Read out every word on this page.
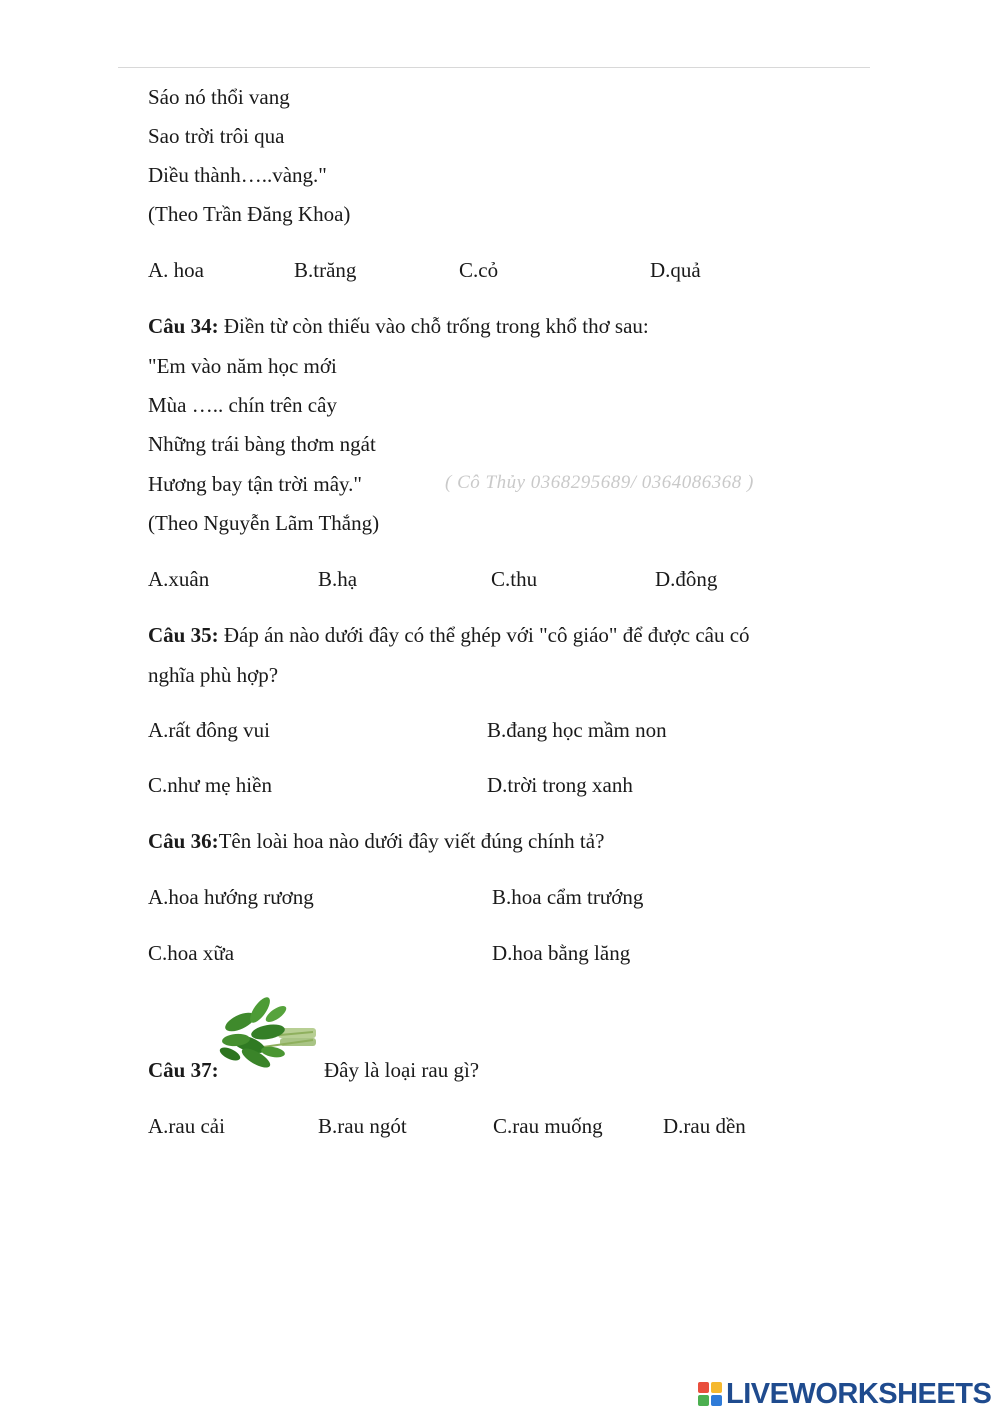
Sáo nó thổi vang
Sao trời trôi qua
Diều thành…..vàng."
(Theo Trần Đăng Khoa)
A. hoa	B.trăng	C.cỏ	D.quả
Câu 34: Điền từ còn thiếu vào chỗ trống trong khổ thơ sau:
"Em vào năm học mới
Mùa ….. chín trên cây
Những trái bàng thơm ngát
Hương bay tận trời mây."	( Cô Thủy 0368295689/ 0364086368 )
(Theo Nguyễn Lãm Thắng)
A.xuân	B.hạ	C.thu	D.đông
Câu 35: Đáp án nào dưới đây có thể ghép với "cô giáo" để được câu có
nghĩa phù hợp?
A.rất đông vui	B.đang học mầm non
C.như mẹ hiền	D.trời trong xanh
Câu 36:Tên loài hoa nào dưới đây viết đúng chính tả?
A.hoa hướng rương	B.hoa cẩm trướng
C.hoa xữa	D.hoa bằng lăng
Câu 37:	Đây là loại rau gì?
A.rau cải	B.rau ngót	C.rau muống	D.rau dền
LIVEWORKSHEETS
